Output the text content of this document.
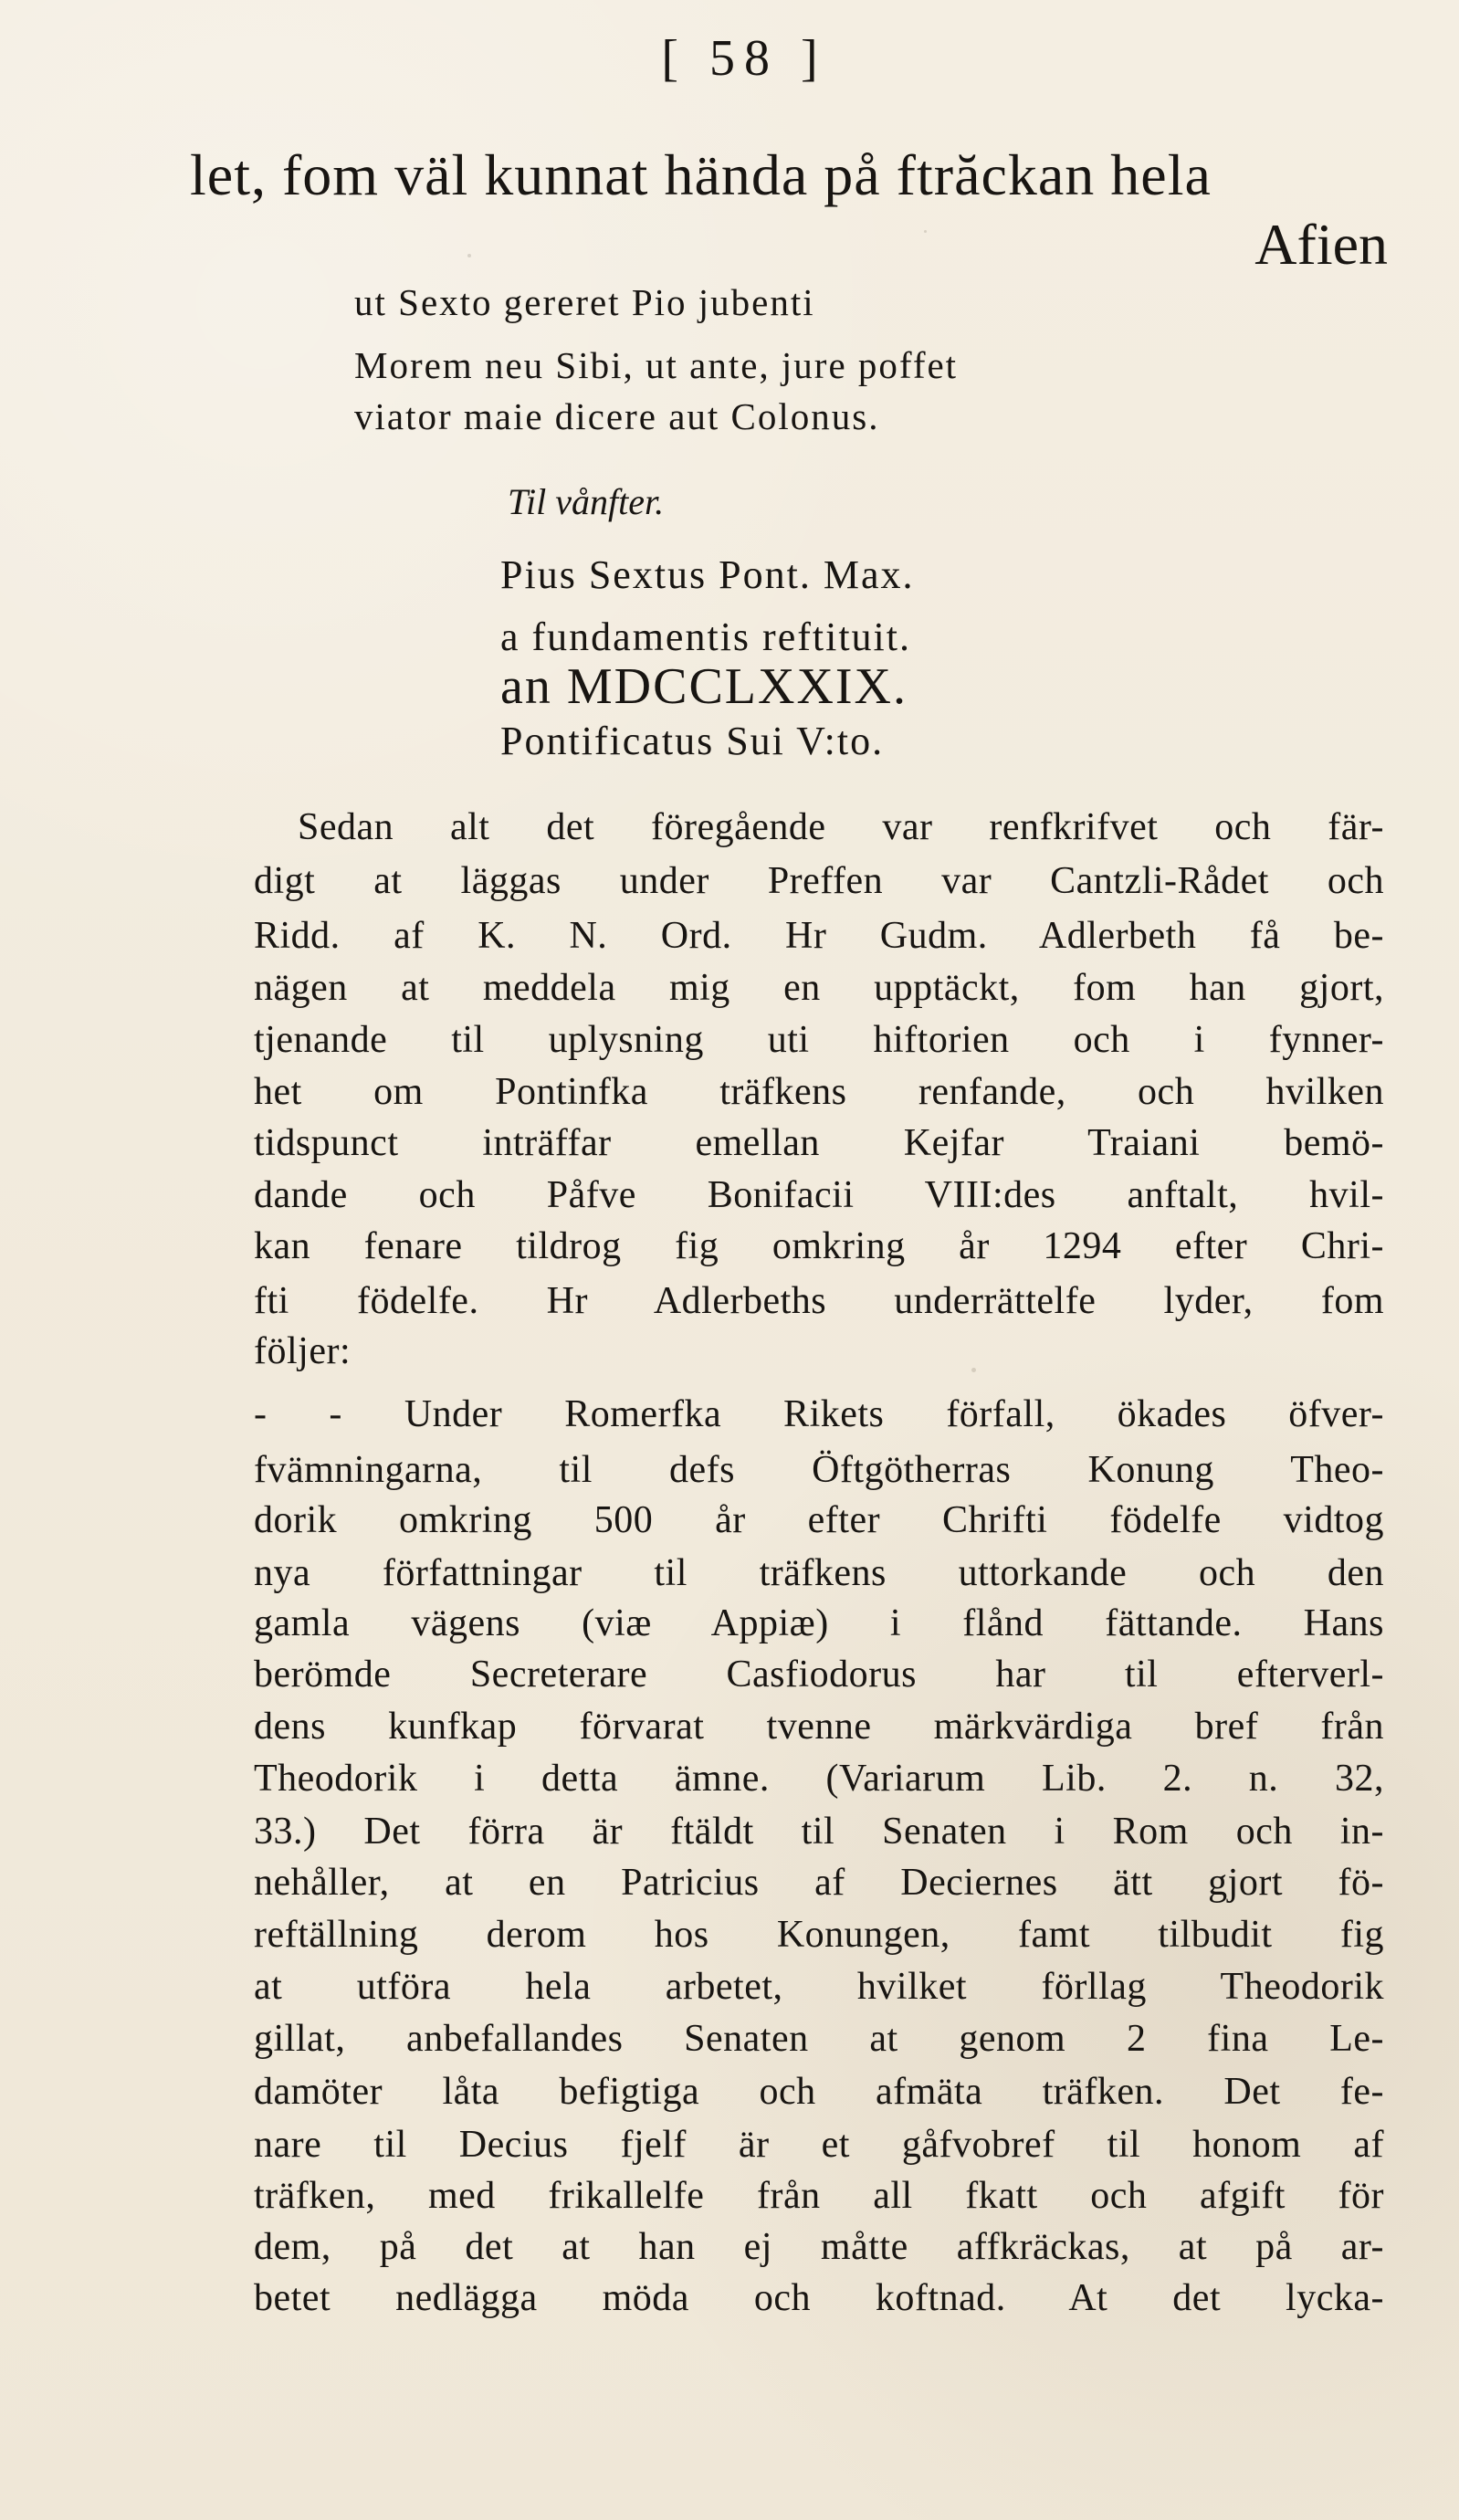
[ 58 ]
let, fom väl kunnat hända på ftrăckan hela
Afien
ut Sexto gereret Pio jubenti
Morem neu Sibi, ut ante, jure poffet
viator maie dicere aut Colonus.
Til vånfter.
Pius Sextus Pont. Max.
a fundamentis reftituit.
an MDCCLXXIX.
Pontificatus Sui V:to.
Sedan alt det föregående var renfkrifvet och fär-
digt at läggas under Preffen var Cantzli-Rådet och
Ridd. af K. N. Ord. Hr Gudm. Adlerbeth få be-
nägen at meddela mig en upptäckt, fom han gjort,
tjenande til uplysning uti hiftorien och i fynner-
het om Pontinfka träfkens renfande, och hvilken
tidspunct inträffar emellan Kejfar Traiani bemö-
dande och Påfve Bonifacii VIII:des anftalt, hvil-
kan fenare tildrog fig omkring år 1294 efter Chri-
fti födelfe. Hr Adlerbeths underrättelfe lyder, fom
följer:
- - Under Romerfka Rikets förfall, ökades öfver-
fvämningarna, til defs Öftgötherras Konung Theo-
dorik omkring 500 år efter Chrifti födelfe vidtog
nya författningar til träfkens uttorkande och den
gamla vägens (viæ Appiæ) i flånd fättande. Hans
berömde Secreterare Casfiodorus har til efterverl-
dens kunfkap förvarat tvenne märkvärdiga bref från
Theodorik i detta ämne. (Variarum Lib. 2. n. 32,
33.) Det förra är ftäldt til Senaten i Rom och in-
nehåller, at en Patricius af Deciernes ätt gjort fö-
reftällning derom hos Konungen, famt tilbudit fig
at utföra hela arbetet, hvilket förllag Theodorik
gillat, anbefallandes Senaten at genom 2 fina Le-
damöter låta befigtiga och afmäta träfken. Det fe-
nare til Decius fjelf är et gåfvobref til honom af
träfken, med frikallelfe från all fkatt och afgift för
dem, på det at han ej måtte affkräckas, at på ar-
betet nedlägga möda och koftnad. At det lycka-
